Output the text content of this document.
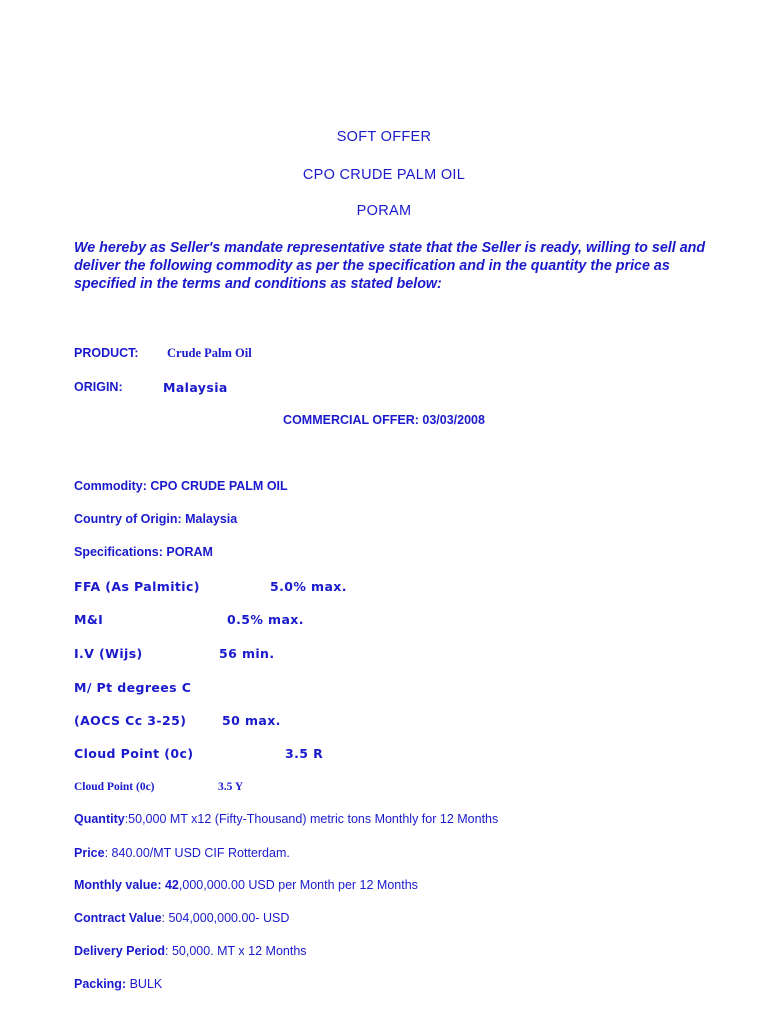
SOFT OFFER
CPO CRUDE PALM OIL
PORAM
We hereby as Seller's mandate representative state that the Seller is ready, willing to sell and deliver the following commodity as per the specification and in the quantity the price as specified in the terms and conditions as stated below:
PRODUCT: Crude Palm Oil
ORIGIN:	Malaysia
COMMERCIAL OFFER: 03/03/2008
Commodity: CPO CRUDE PALM OIL
Country of Origin: Malaysia
Specifications: PORAM
FFA (As Palmitic)	5.0% max.
M&I	0.5% max.
I.V (Wijs)	56 min.
M/ Pt degrees C
(AOCS Cc 3-25)	50 max.
Cloud Point (0c)	3.5 R
Cloud Point (0c)	3.5 Y
Quantity:50,000 MT x12 (Fifty-Thousand) metric tons Monthly for 12 Months
Price: 840.00/MT USD CIF Rotterdam.
Monthly value: 42,000,000.00 USD per Month per 12 Months
Contract Value: 504,000,000.00- USD
Delivery Period: 50,000. MT x 12 Months
Packing: BULK
